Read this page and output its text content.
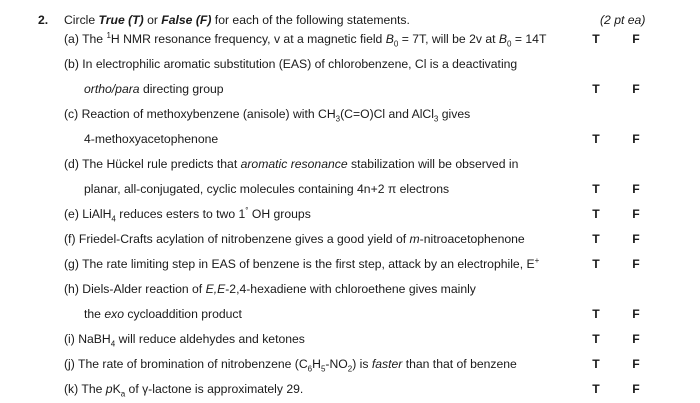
2. Circle True (T) or False (F) for each of the following statements.	(2 pt ea)
(a) The $^1$H NMR resonance frequency, v at a magnetic field $B_0 = 7T$, will be 2v at $B_0 = 14T$	T	F
(b) In electrophilic aromatic substitution (EAS) of chlorobenzene, Cl is a deactivating
ortho/para directing group	T	F
(c) Reaction of methoxybenzene (anisole) with $CH_3(C=O)Cl$ and AlCl$_3$ gives
4-methoxyacetophenone	T	F
(d) The Hückel rule predicts that aromatic resonance stabilization will be observed in
planar, all-conjugated, cyclic molecules containing 4n+2 π electrons	T	F
(e) LiAlH$_4$ reduces esters to two 1° OH groups	T	F
(f) Friedel-Crafts acylation of nitrobenzene gives a good yield of m-nitroacetophenone	T	F
(g) The rate limiting step in EAS of benzene is the first step, attack by an electrophile, E+	T	F
(h) Diels-Alder reaction of E,E-2,4-hexadiene with chloroethene gives mainly
the exo cycloaddition product	T	F
(i) NaBH$_4$ will reduce aldehydes and ketones	T	F
(j) The rate of bromination of nitrobenzene $(C_6H_5-NO_2)$ is faster than that of benzene	T	F
(k) The $pK_a$ of γ-lactone is approximately 29.	T	F
